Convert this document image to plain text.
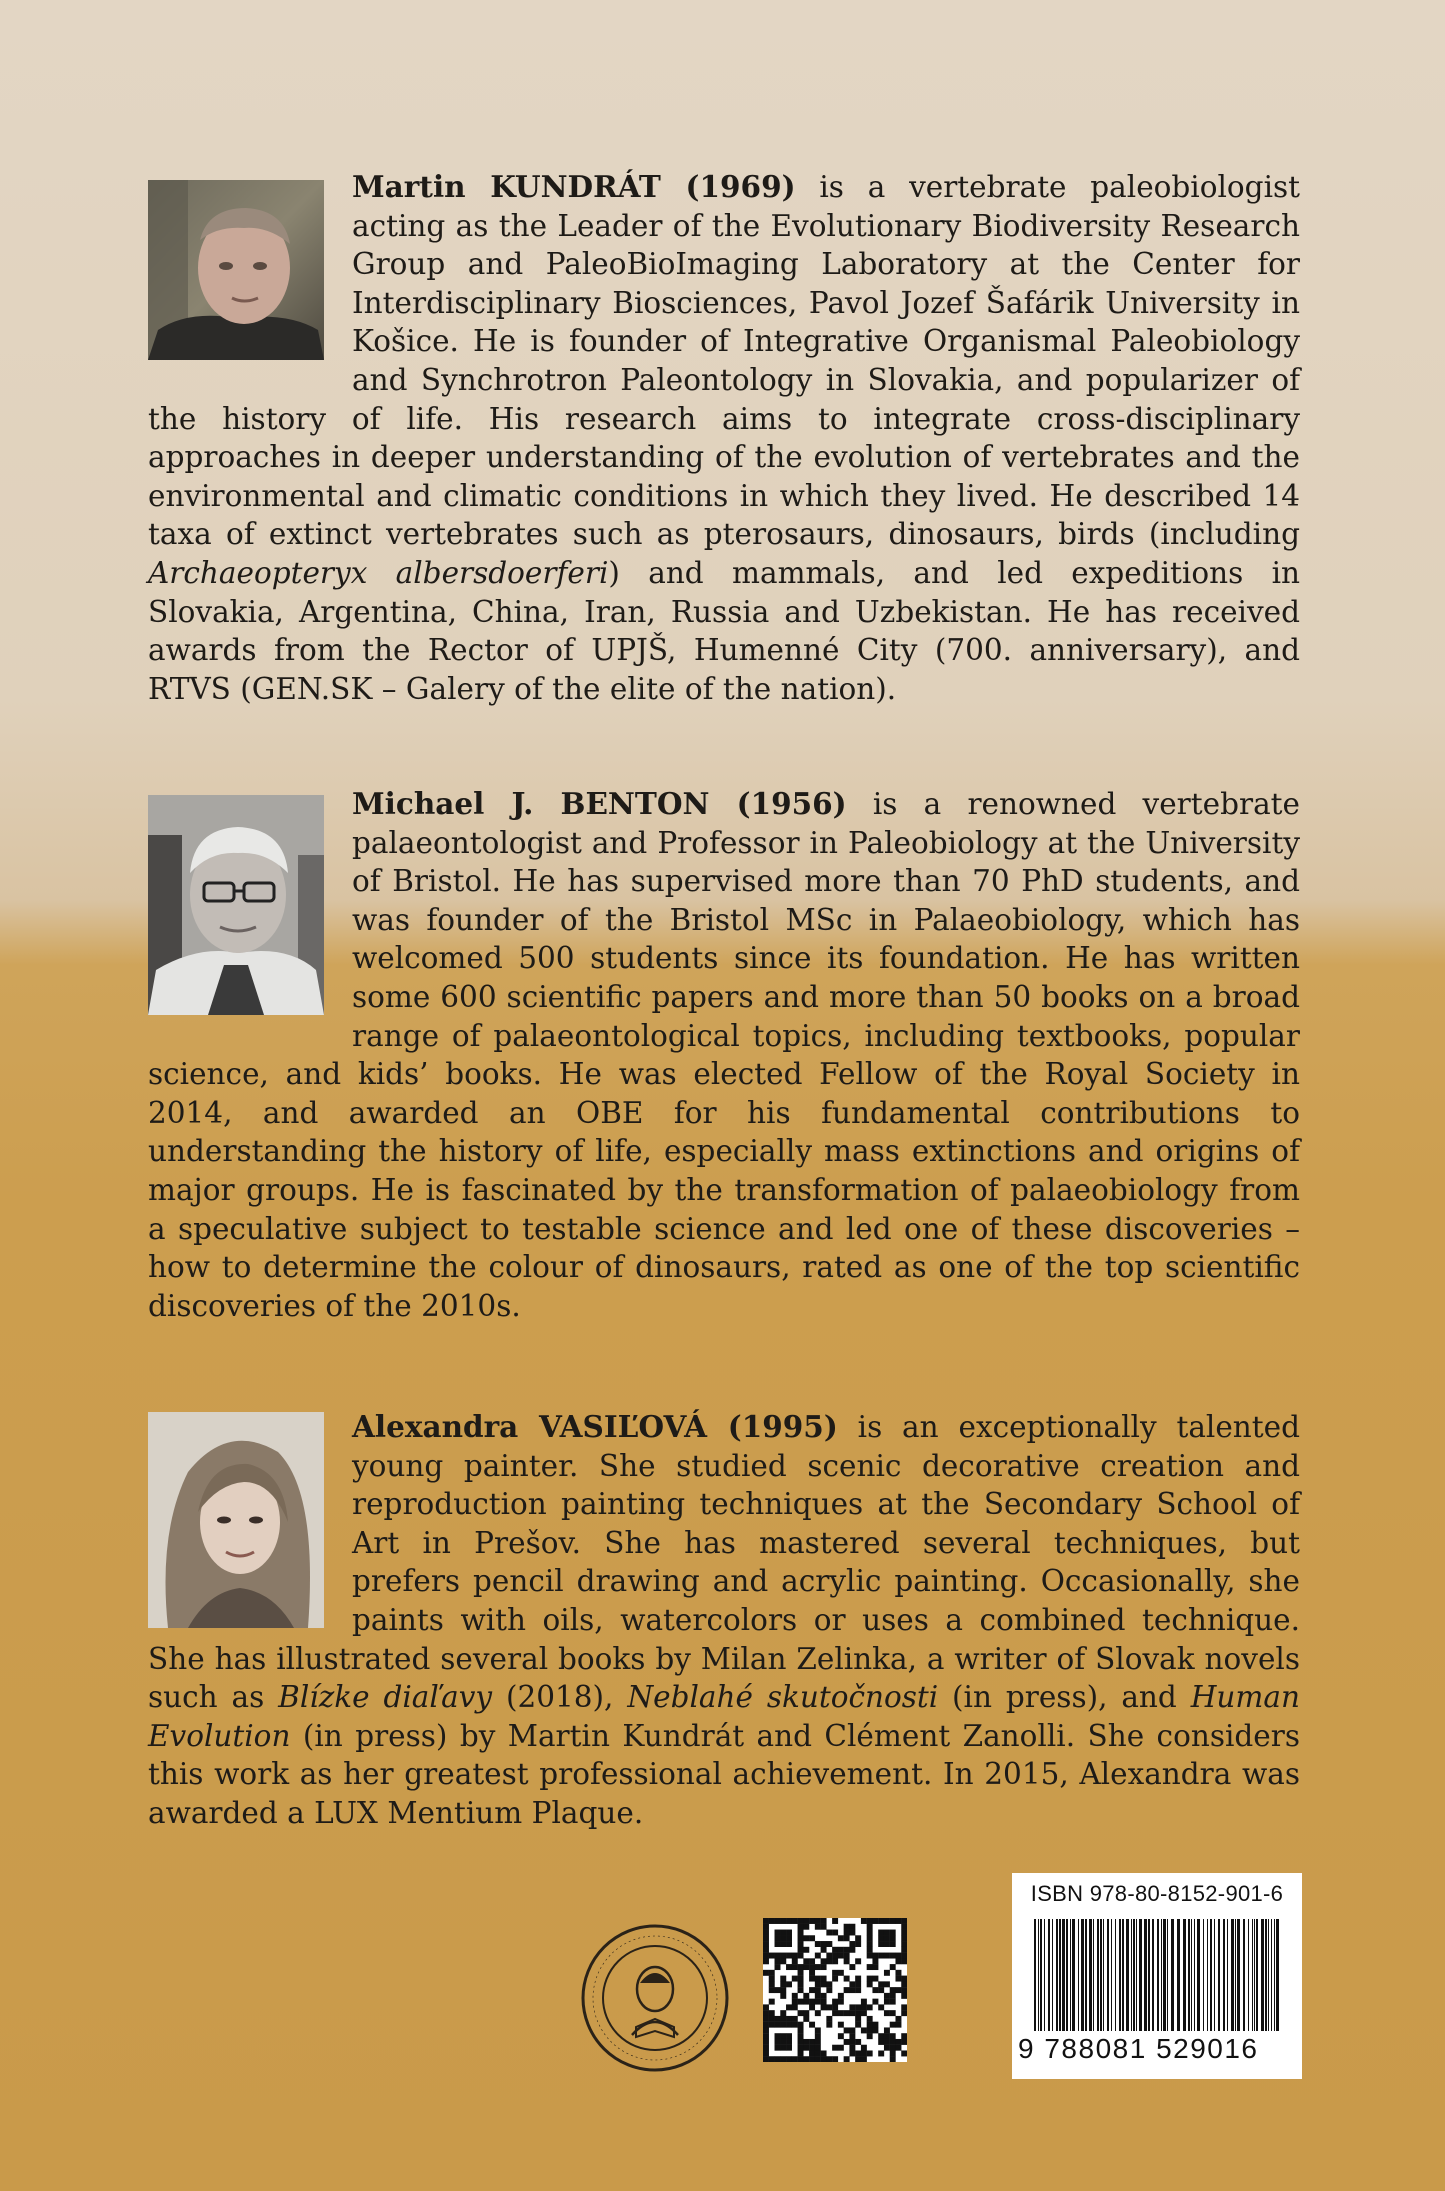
Martin KUNDRÁT (1969) is a vertebrate paleobiologist acting as the Leader of the Evolutionary Biodiversity Research Group and PaleoBioImaging Laboratory at the Center for Interdisciplinary Biosciences, Pavol Jozef Šafárik University in Košice. He is founder of Integrative Organismal Paleobiology and Synchrotron Paleontology in Slovakia, and popularizer of the history of life. His research aims to integrate cross-disciplinary approaches in deeper understanding of the evolution of vertebrates and the environmental and climatic conditions in which they lived. He described 14 taxa of extinct vertebrates such as pterosaurs, dinosaurs, birds (including Archaeopteryx albersdoerferi) and mammals, and led expeditions in Slovakia, Argentina, China, Iran, Russia and Uzbekistan. He has received awards from the Rector of UPJŠ, Humenné City (700. anniversary), and RTVS (GEN.SK – Galery of the elite of the nation).
Michael J. BENTON (1956) is a renowned vertebrate palaeontologist and Professor in Paleobiology at the University of Bristol. He has supervised more than 70 PhD students, and was founder of the Bristol MSc in Palaeobiology, which has welcomed 500 students since its foundation. He has written some 600 scientific papers and more than 50 books on a broad range of palaeontological topics, including textbooks, popular science, and kids’ books. He was elected Fellow of the Royal Society in 2014, and awarded an OBE for his fundamental contributions to understanding the history of life, especially mass extinctions and origins of major groups. He is fascinated by the transformation of palaeobiology from a speculative subject to testable science and led one of these discoveries – how to determine the colour of dinosaurs, rated as one of the top scientific discoveries of the 2010s.
Alexandra VASIĽOVÁ (1995) is an exceptionally talented young painter. She studied scenic decorative creation and reproduction painting techniques at the Secondary School of Art in Prešov. She has mastered several techniques, but prefers pencil drawing and acrylic painting. Occasionally, she paints with oils, watercolors or uses a combined technique. She has illustrated several books by Milan Zelinka, a writer of Slovak novels such as Blízke diaľavy (2018), Neblahé skutočnosti (in press), and Human Evolution (in press) by Martin Kundrát and Clément Zanolli. She considers this work as her greatest professional achievement. In 2015, Alexandra was awarded a LUX Mentium Plaque.
ISBN 978-80-8152-901-6
9 788081 529016
